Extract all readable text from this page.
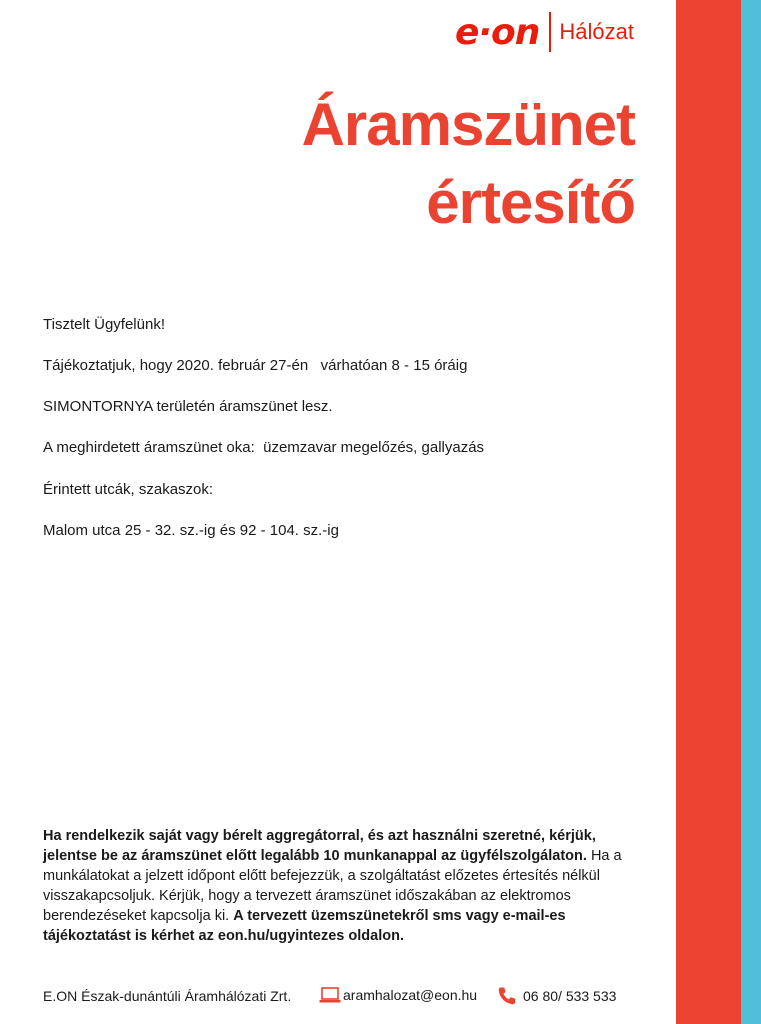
e·on Hálózat
Áramszünet
értesítő
Tisztelt Ügyfelünk!
Tájékoztatjuk, hogy 2020. február 27-én   várhatóan 8 - 15 óráig
SIMONTORNYA területén áramszünet lesz.
A meghirdetett áramszünet oka:  üzemzavar megelőzés, gallyazás
Érintett utcák, szakaszok:
Malom utca 25 - 32. sz.-ig és 92 - 104. sz.-ig
Ha rendelkezik saját vagy bérelt aggregátorral, és azt használni szeretné, kérjük, jelentse be az áramszünet előtt legalább 10 munkanappal az ügyfélszolgálaton. Ha a munkálatokat a jelzett időpont előtt befejezzük, a szolgáltatást előzetes értesítés nélkül visszakapcsoljuk. Kérjük, hogy a tervezett áramszünet időszakában az elektromos berendezéseket kapcsolja ki. A tervezett üzemszünetekről sms vagy e-mail-es tájékoztatást is kérhet az eon.hu/ugyintezes oldalon.
E.ON Észak-dunántúli Áramhálózati Zrt.	aramhalozat@eon.hu	06 80/ 533 533
